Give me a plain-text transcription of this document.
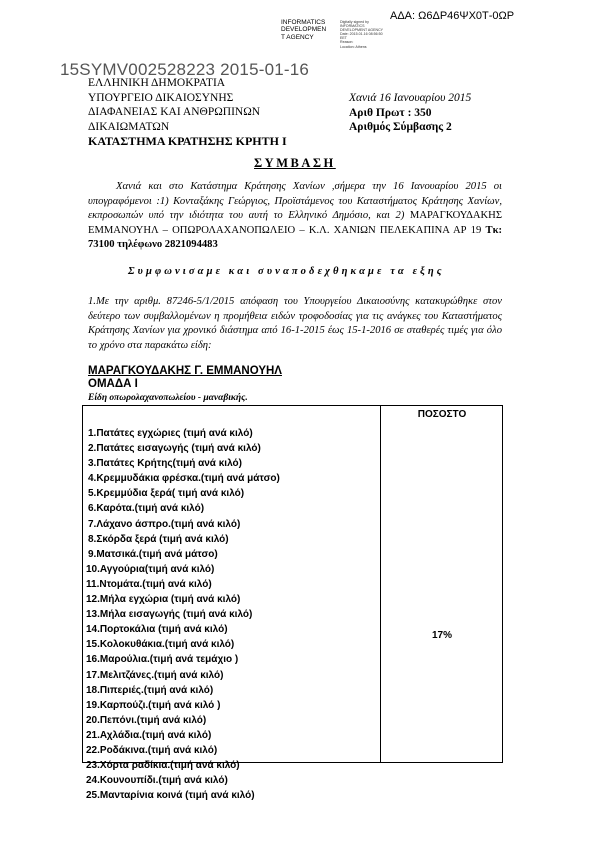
ΑΔΑ: Ω6ΔΡ46ΨΧ0Τ-0ΩΡ
INFORMATICS
DEVELOPMEN
T AGENCY
Digitally signed by
INFORMATICS
DEVELOPMENT AGENCY
Date: 2015.01.16 08:56:50
EET
Reason:
Location: Athens
15SYMV002528223 2015-01-16
ΕΛΛΗΝΙΚΗ ΔΗΜΟΚΡΑΤΙΑ
ΥΠΟΥΡΓΕΙΟ ΔΙΚΑΙΟΣΥΝΗΣ
ΔΙΑΦΑΝΕΙΑΣ ΚΑΙ ΑΝΘΡΩΠΙΝΩΝ
ΔΙΚΑΙΩΜΑΤΩΝ
ΚΑΤΑΣΤΗΜΑ ΚΡΑΤΗΣΗΣ ΚΡΗΤΗ Ι
Χανιά 16 Ιανουαρίου 2015
Αριθ Πρωτ : 350
Αριθμός Σύμβασης 2
ΣΥΜΒΑΣΗ
Χανιά και στο Κατάστημα Κράτησης Χανίων ,σήμερα την 16 Ιανουαρίου 2015 οι υπογραφόμενοι :1) Κονταξάκης Γεώργιος, Προϊστάμενος του Καταστήματος Κράτησης Χανίων, εκπροσωπών υπό την ιδιότητα του αυτή το Ελληνικό Δημόσιο, και 2) ΜΑΡΑΓΚΟΥΔΑΚΗΣ ΕΜΜΑΝΟΥΗΛ – ΟΠΩΡΟΛΑΧΑΝΟΠΩΛΕΙΟ – Κ.Λ. ΧΑΝΙΩΝ ΠΕΛΕΚΑΠΙΝΑ ΑΡ 19 Τκ: 73100 τηλέφωνο 2821094483
Συμφωνισαμε και συναποδεχθηκαμε τα εξης
1.Με την αριθμ. 87246-5/1/2015 απόφαση του Υπουργείου Δικαιοσύνης κατακυρώθηκε στον δεύτερο των συμβαλλομένων η προμήθεια ειδών τροφοδοσίας για τις ανάγκες του Καταστήματος Κράτησης Χανίων για χρονικό διάστημα από 16-1-2015 έως 15-1-2016 σε σταθερές τιμές για όλο το χρόνο στα παρακάτω είδη:
ΜΑΡΑΓΚΟΥΔΑΚΗΣ Γ. ΕΜΜΑΝΟΥΗΛ
ΟΜΑΔΑ Ι
Είδη οπωρολαχανοπωλείου - μαναβικής.
ΠΟΣΟΣΤΟ
17%
1.Πατάτες εγχώριες (τιμή ανά κιλό)
2.Πατάτες εισαγωγής (τιμή ανά κιλό)
3.Πατάτες Κρήτης(τιμή ανά κιλό)
4.Κρεμμυδάκια φρέσκα.(τιμή ανά μάτσο)
5.Κρεμμύδια ξερά( τιμή ανά κιλό)
6.Καρότα.(τιμή ανά κιλό)
7.Λάχανο άσπρο.(τιμή ανά κιλό)
8.Σκόρδα ξερά (τιμή ανά κιλό)
9.Ματσικά.(τιμή ανά μάτσο)
10.Αγγούρια(τιμή ανά κιλό)
11.Ντομάτα.(τιμή ανά κιλό)
12.Μήλα εγχώρια (τιμή ανά κιλό)
13.Μήλα εισαγωγής (τιμή ανά κιλό)
14.Πορτοκάλια (τιμή ανά κιλό)
15.Κολοκυθάκια.(τιμή ανά κιλό)
16.Μαρούλια.(τιμή ανά τεμάχιο )
17.Μελιτζάνες.(τιμή ανά κιλό)
18.Πιπεριές.(τιμή ανά κιλό)
19.Καρπούζι.(τιμή ανά κιλό )
20.Πεπόνι.(τιμή ανά κιλό)
21.Αχλάδια.(τιμή ανά κιλό)
22.Ροδάκινα.(τιμή ανά κιλό)
23.Χόρτα ραδίκια.(τιμή ανά κιλό)
24.Κουνουπίδι.(τιμή ανά κιλό)
25.Μανταρίνια κοινά (τιμή ανά κιλό)
